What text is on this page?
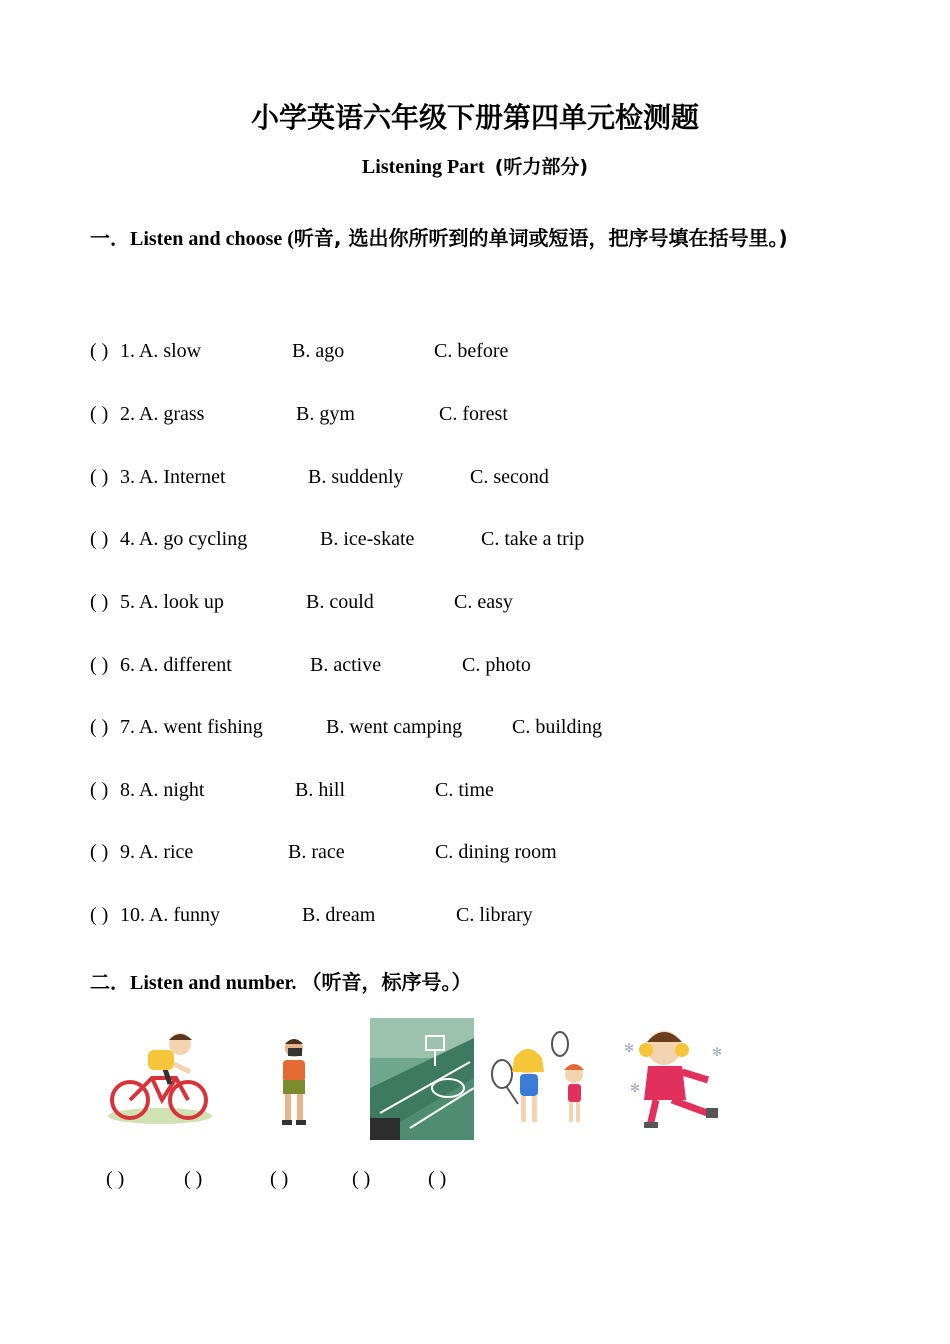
小学英语六年级下册第四单元检测题
Listening Part (听力部分)
一．Listen and choose (听音, 选出你所听到的单词或短语，把序号填在括号里。)
( ) 1. A. slow	B. ago	C. before
( ) 2. A. grass	B. gym	C. forest
( ) 3. A. Internet	B. suddenly	C. second
( ) 4. A. go cycling	B. ice-skate	C. take a trip
( ) 5. A. look up	B. could	C. easy
( ) 6. A. different	B. active	C. photo
( ) 7. A. went fishing	B. went camping C. building
( ) 8. A. night	B. hill	C. time
( ) 9. A. rice	B. race	C. dining room
( ) 10. A. funny	B. dream	C. library
二．Listen and number. （听音，标序号。）
✻
✻
✻
( )	( )	( )	( )	( )
